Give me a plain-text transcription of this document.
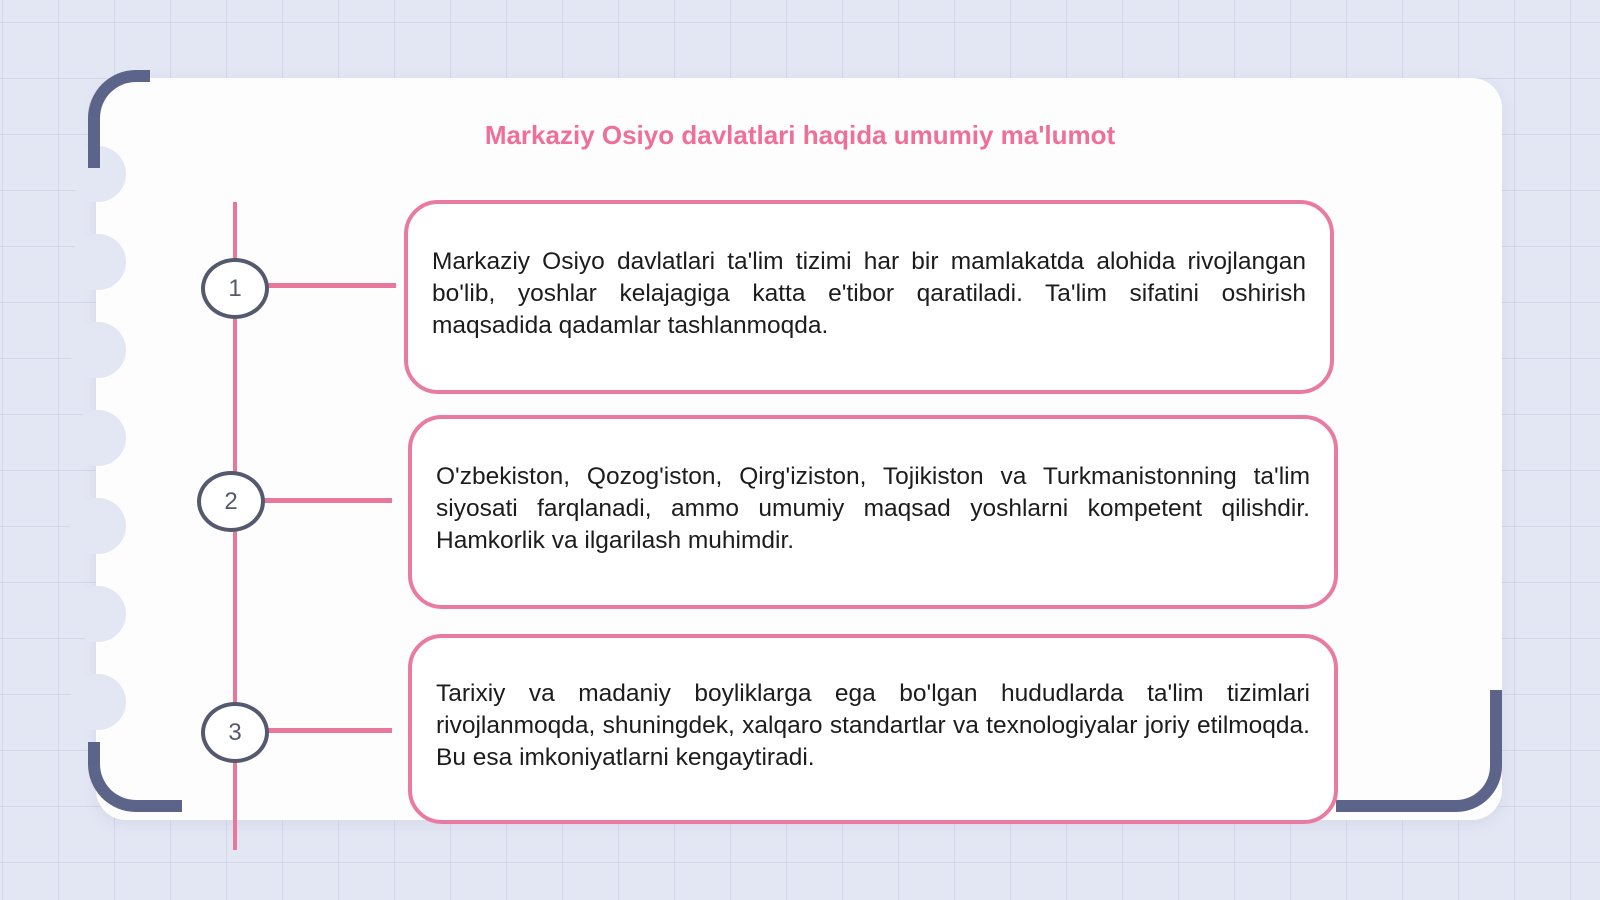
Markaziy Osiyo davlatlari haqida umumiy ma'lumot
1

Markaziy Osiyo davlatlari ta'lim tizimi har bir mamlakatda alohida rivojlangan bo'lib, yoshlar kelajagiga katta e'tibor qaratiladi. Ta'lim sifatini oshirish maqsadida qadamlar tashlanmoqda.

2

O'zbekiston, Qozog'iston, Qirg'iziston, Tojikiston va Turkmanistonning ta'lim siyosati farqlanadi, ammo umumiy maqsad yoshlarni kompetent qilishdir. Hamkorlik va ilgarilash muhimdir.

3

Tarixiy va madaniy boyliklarga ega bo'lgan hududlarda ta'lim tizimlari rivojlanmoqda, shuningdek, xalqaro standartlar va texnologiyalar joriy etilmoqda. Bu esa imkoniyatlarni kengaytiradi.
